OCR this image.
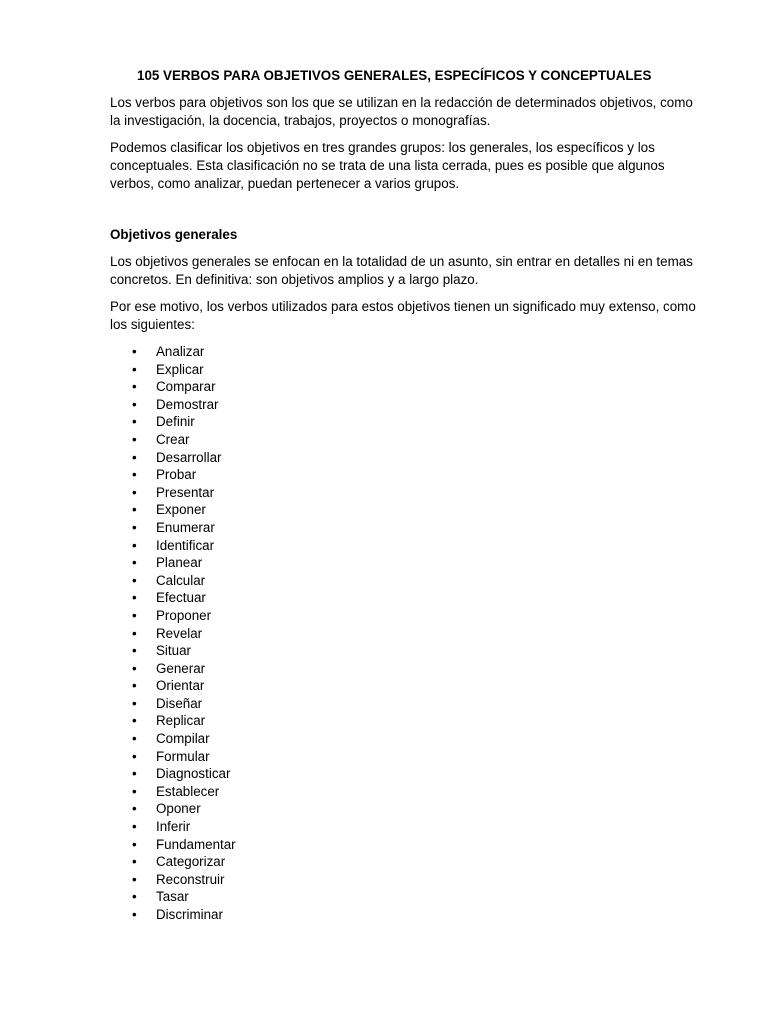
105 VERBOS PARA OBJETIVOS GENERALES, ESPECÍFICOS Y CONCEPTUALES

Los verbos para objetivos son los que se utilizan en la redacción de determinados objetivos, como la investigación, la docencia, trabajos, proyectos o monografías.

Podemos clasificar los objetivos en tres grandes grupos: los generales, los específicos y los conceptuales. Esta clasificación no se trata de una lista cerrada, pues es posible que algunos verbos, como analizar, puedan pertenecer a varios grupos.

Objetivos generales

Los objetivos generales se enfocan en la totalidad de un asunto, sin entrar en detalles ni en temas concretos. En definitiva: son objetivos amplios y a largo plazo.

Por ese motivo, los verbos utilizados para estos objetivos tienen un significado muy extenso, como los siguientes:

• Analizar
• Explicar
• Comparar
• Demostrar
• Definir
• Crear
• Desarrollar
• Probar
• Presentar
• Exponer
• Enumerar
• Identificar
• Planear
• Calcular
• Efectuar
• Proponer
• Revelar
• Situar
• Generar
• Orientar
• Diseñar
• Replicar
• Compilar
• Formular
• Diagnosticar
• Establecer
• Oponer
• Inferir
• Fundamentar
• Categorizar
• Reconstruir
• Tasar
• Discriminar
